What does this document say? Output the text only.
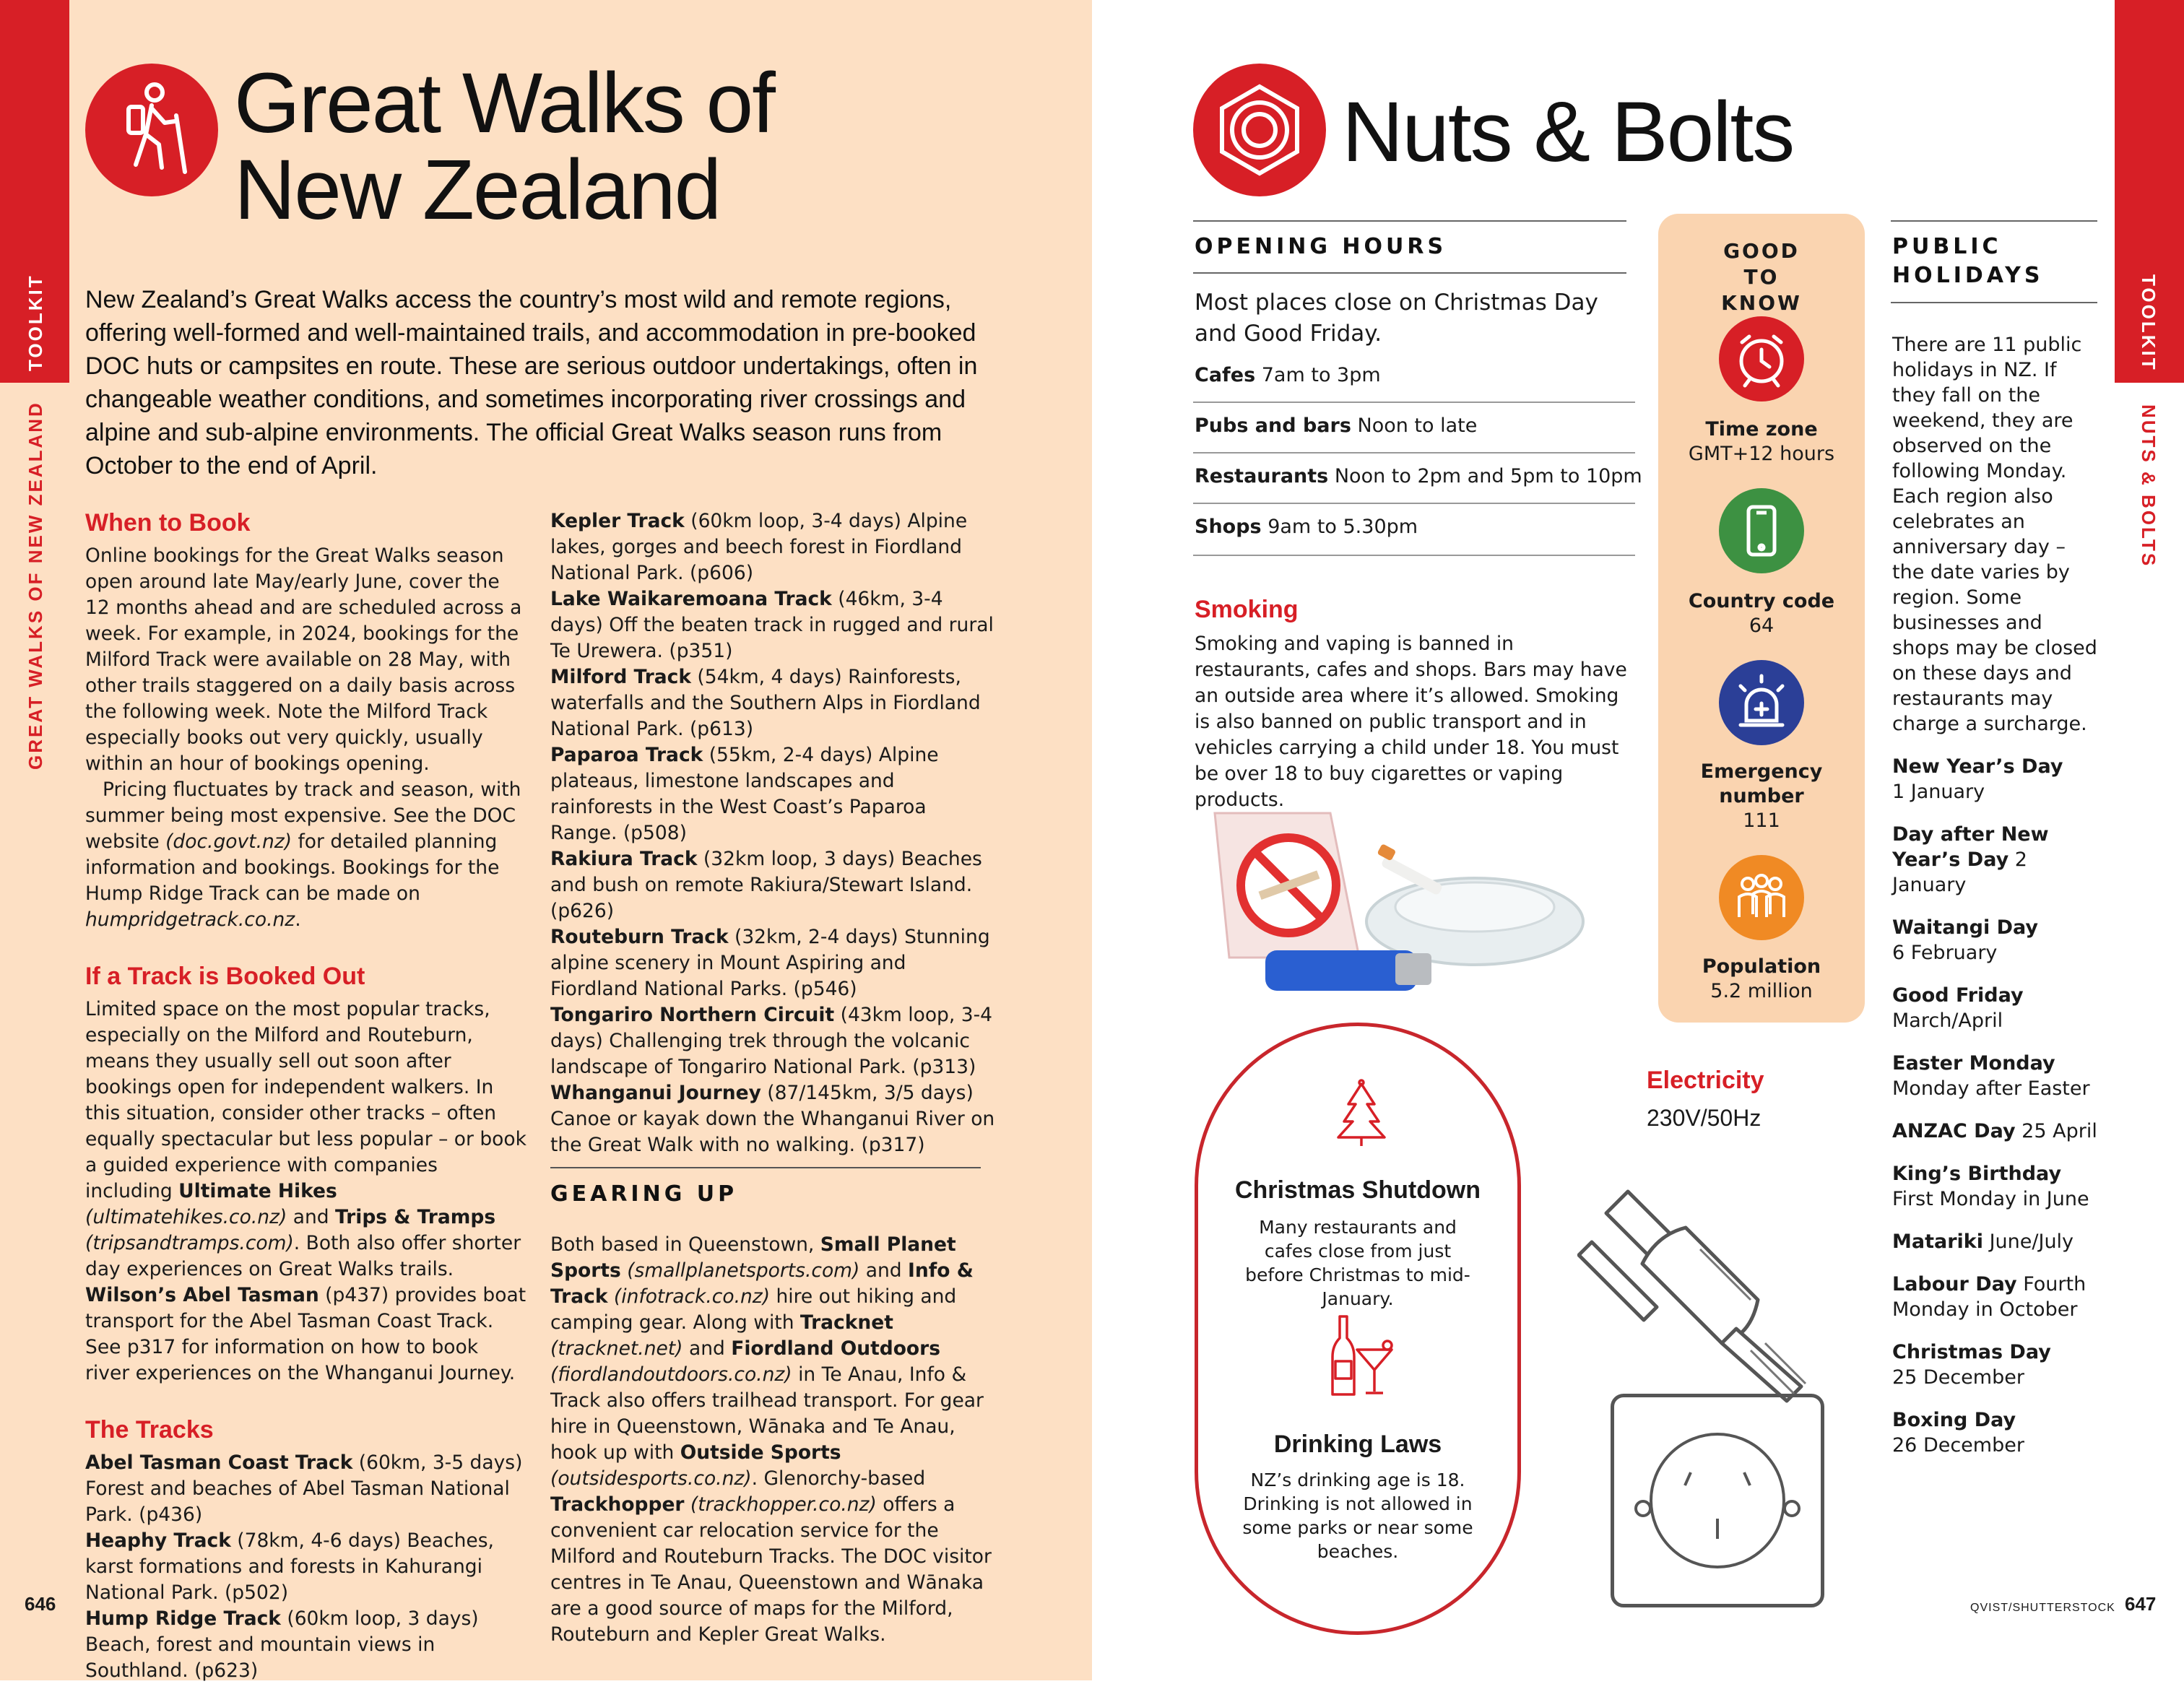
TOOLKIT
GREAT WALKS OF NEW ZEALAND
Great Walks of
New Zealand
New Zealand’s Great Walks access the country’s most wild and remote regions, offering well-formed and well-maintained trails, and accommodation in pre-booked DOC huts or campsites en route. These are serious outdoor undertakings, often in changeable weather conditions, and sometimes incorporating river crossings and alpine and sub-alpine environments. The official Great Walks season runs from October to the end of April.
When to Book

Online bookings for the Great Walks season open around late May/early June, cover the 12 months ahead and are scheduled across a week. For example, in 2024, bookings for the Milford Track were available on 28 May, with other trails staggered on a daily basis across the following week. Note the Milford Track especially books out very quickly, usually within an hour of bookings opening.

Pricing fluctuates by track and season, with summer being most expensive. See the DOC website (doc.govt.nz) for detailed planning information and bookings. Bookings for the Hump Ridge Track can be made on humpridgetrack.co.nz.

If a Track is Booked Out

Limited space on the most popular tracks, especially on the Milford and Routeburn, means they usually sell out soon after bookings open for independent walkers. In this situation, consider other tracks – often equally spectacular but less popular – or book a guided experience with companies including Ultimate Hikes (ultimatehikes.co.nz) and Trips & Tramps (tripsandtramps.com). Both also offer shorter day experiences on Great Walks trails. Wilson’s Abel Tasman (p437) provides boat transport for the Abel Tasman Coast Track. See p317 for information on how to book river experiences on the Whanganui Journey.

The Tracks

Abel Tasman Coast Track (60km, 3-5 days) Forest and beaches of Abel Tasman National Park. (p436)

Heaphy Track (78km, 4-6 days) Beaches, karst formations and forests in Kahurangi National Park. (p502)

Hump Ridge Track (60km loop, 3 days) Beach, forest and mountain views in Southland. (p623)

Kepler Track (60km loop, 3-4 days) Alpine lakes, gorges and beech forest in Fiordland National Park. (p606)

Lake Waikaremoana Track (46km, 3-4 days) Off the beaten track in rugged and rural Te Urewera. (p351)

Milford Track (54km, 4 days) Rainforests, waterfalls and the Southern Alps in Fiordland National Park. (p613)

Paparoa Track (55km, 2-4 days) Alpine plateaus, limestone landscapes and rainforests in the West Coast’s Paparoa Range. (p508)

Rakiura Track (32km loop, 3 days) Beaches and bush on remote Rakiura/Stewart Island. (p626)

Routeburn Track (32km, 2-4 days) Stunning alpine scenery in Mount Aspiring and Fiordland National Parks. (p546)

Tongariro Northern Circuit (43km loop, 3-4 days) Challenging trek through the volcanic landscape of Tongariro National Park. (p313)

Whanganui Journey (87/145km, 3/5 days) Canoe or kayak down the Whanganui River on the Great Walk with no walking. (p317)

GEARING UP

Both based in Queenstown, Small Planet Sports (smallplanetsports.com) and Info & Track (infotrack.co.nz) hire out hiking and camping gear. Along with Tracknet (tracknet.net) and Fiordland Outdoors (fiordlandoutdoors.co.nz) in Te Anau, Info & Track also offers trailhead transport. For gear hire in Queenstown, Wānaka and Te Anau, hook up with Outside Sports (outsidesports.co.nz). Glenorchy-based Trackhopper (trackhopper.co.nz) offers a convenient car relocation service for the Milford and Routeburn Tracks. The DOC visitor centres in Te Anau, Queenstown and Wānaka are a good source of maps for the Milford, Routeburn and Kepler Great Walks.

646
TOOLKIT
NUTS & BOLTS
Nuts & Bolts
OPENING HOURS
Most places close on Christmas Day and Good Friday.
Cafes 7am to 3pm
Pubs and bars Noon to late
Restaurants Noon to 2pm and 5pm to 10pm
Shops 9am to 5.30pm
Smoking
Smoking and vaping is banned in restaurants, cafes and shops. Bars may have an outside area where it’s allowed. Smoking is also banned on public transport and in vehicles carrying a child under 18. You must be over 18 to buy cigarettes or vaping products.
GOOD TO KNOW
Time zone
GMT+12 hours
Country code
64
Emergency number
111
Population
5.2 million
PUBLIC HOLIDAYS

There are 11 public holidays in NZ. If they fall on the weekend, they are observed on the following Monday. Each region also celebrates an anniversary day – the date varies by region. Some businesses and shops may be closed on these days and restaurants may charge a surcharge.

New Year’s Day
1 January

Day after New Year’s Day 2 January

Waitangi Day
6 February

Good Friday
March/April

Easter Monday
Monday after Easter

ANZAC Day 25 April

King’s Birthday First Monday in June

Matariki June/July

Labour Day Fourth Monday in October

Christmas Day
25 December

Boxing Day
26 December

Christmas Shutdown
Many restaurants and cafes close from just before Christmas to mid-January.
Drinking Laws
NZ’s drinking age is 18. Drinking is not allowed in some parks or near some beaches.
Electricity
230V/50Hz
QVIST/SHUTTERSTOCK 647
